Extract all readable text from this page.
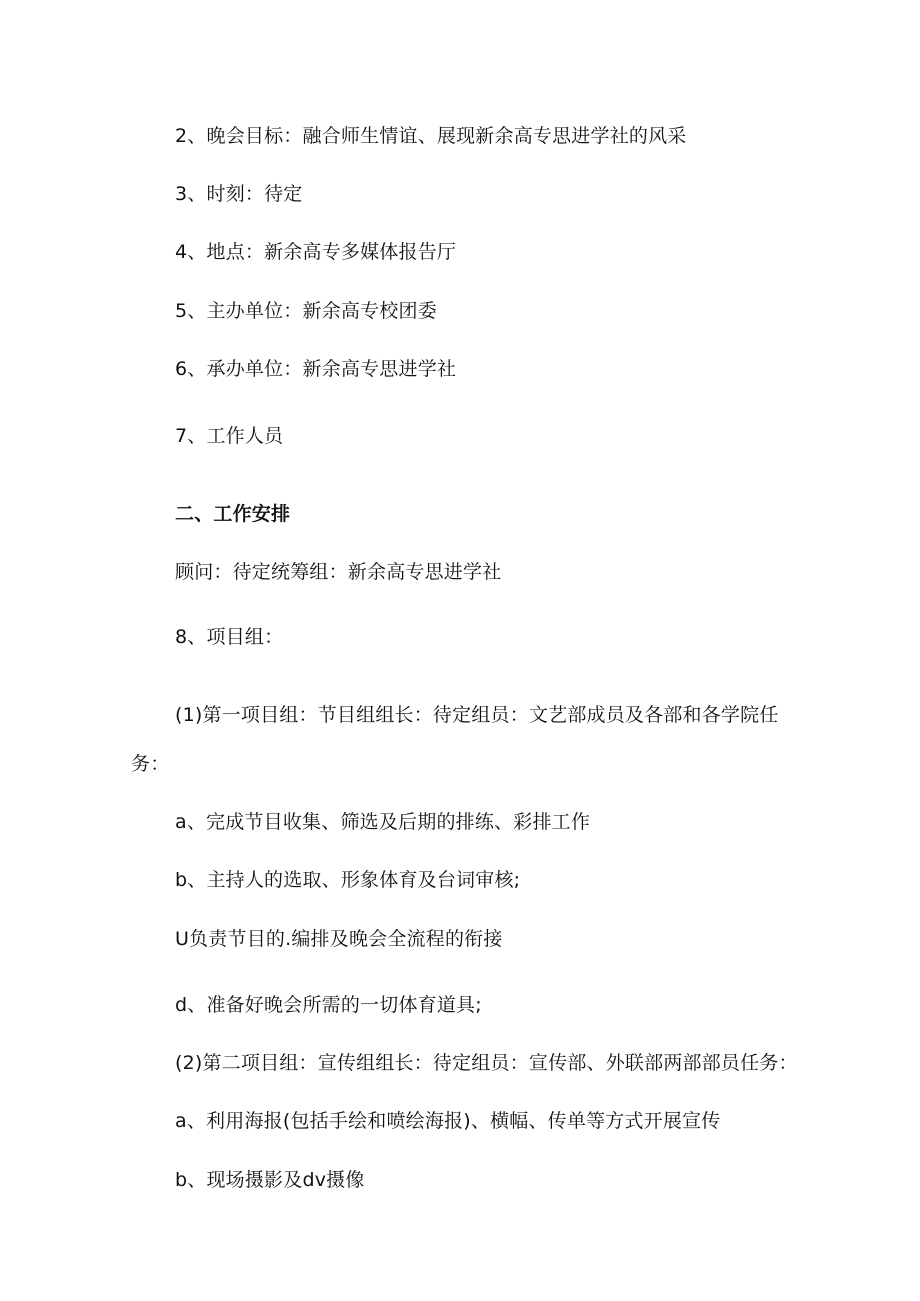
2、晚会目标：融合师生情谊、展现新余高专思进学社的风采
3、时刻：待定
4、地点：新余高专多媒体报告厅
5、主办单位：新余高专校团委
6、承办单位：新余高专思进学社
7、工作人员
二、工作安排
顾问：待定统筹组：新余高专思进学社
8、项目组：
(1)第一项目组：节目组组长：待定组员：文艺部成员及各部和各学院任
务：
a、完成节目收集、筛选及后期的排练、彩排工作
b、主持人的选取、形象体育及台词审核;
U负责节目的.编排及晚会全流程的衔接
d、准备好晚会所需的一切体育道具;
(2)第二项目组：宣传组组长：待定组员：宣传部、外联部两部部员任务：
a、利用海报(包括手绘和喷绘海报)、横幅、传单等方式开展宣传
b、现场摄影及dv摄像
